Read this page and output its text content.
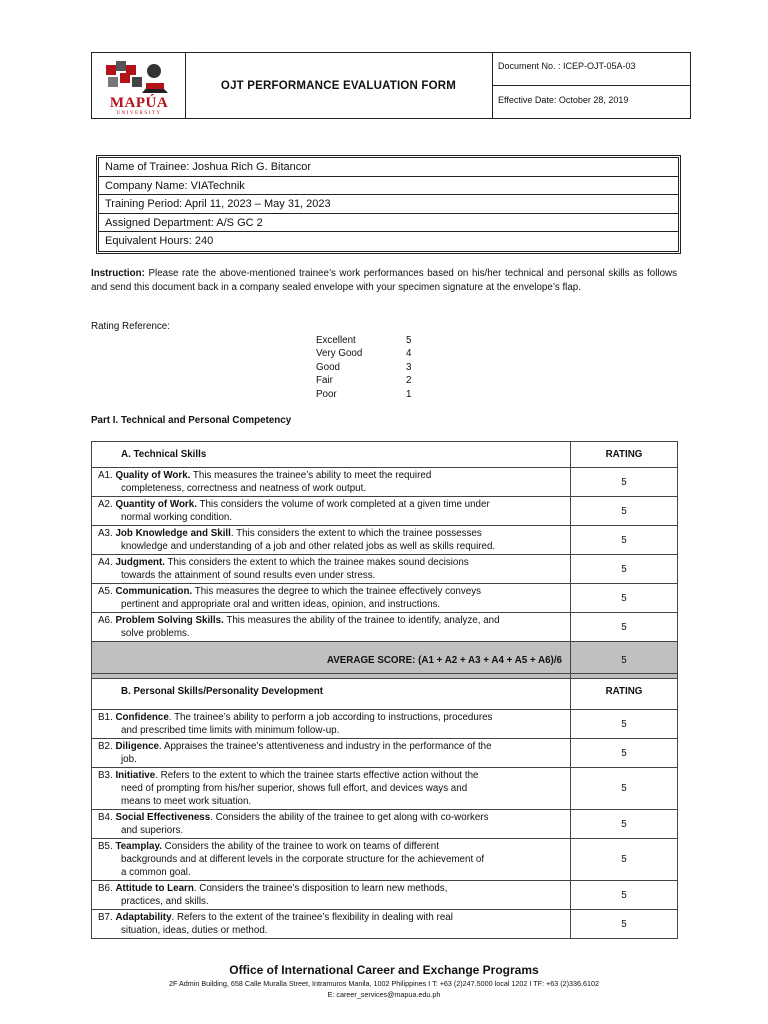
MAPÚA
UNIVERSITY
OJT PERFORMANCE EVALUATION FORM
Document No. : ICEP-OJT-05A-03
Effective Date: October 28, 2019
Name of Trainee: Joshua Rich G. Bitancor
Company Name: VIATechnik
Training Period: April 11, 2023 – May 31, 2023
Assigned Department: A/S GC 2
Equivalent Hours: 240
Instruction: Please rate the above-mentioned trainee’s work performances based on his/her technical and personal skills as follows and send this document back in a company sealed envelope with your specimen signature at the envelope’s flap.
Rating Reference:
Excellent	5
Very Good	4
Good	3
Fair	2
Poor	1
Part I. Technical and Personal Competency
A. Technical Skills	RATING
A1. Quality of Work. This measures the trainee’s ability to meet the required
completeness, correctness and neatness of work output.	5
A2. Quantity of Work. This considers the volume of work completed at a given time under
normal working condition.	5
A3. Job Knowledge and Skill. This considers the extent to which the trainee possesses
knowledge and understanding of a job and other related jobs as well as skills required.	5
A4. Judgment. This considers the extent to which the trainee makes sound decisions
towards the attainment of sound results even under stress.	5
A5. Communication. This measures the degree to which the trainee effectively conveys
pertinent and appropriate oral and written ideas, opinion, and instructions.	5
A6. Problem Solving Skills. This measures the ability of the trainee to identify, analyze, and
solve problems.	5
AVERAGE SCORE: (A1 + A2 + A3 + A4 + A5 + A6)/6	5
B. Personal Skills/Personality Development	RATING
B1. Confidence. The trainee’s ability to perform a job according to instructions, procedures
and prescribed time limits with minimum follow-up.	5
B2. Diligence. Appraises the trainee’s attentiveness and industry in the performance of the
job.	5
B3. Initiative. Refers to the extent to which the trainee starts effective action without the
need of prompting from his/her superior, shows full effort, and devices ways and
means to meet work situation.	5
B4. Social Effectiveness. Considers the ability of the trainee to get along with co-workers
and superiors.	5
B5. Teamplay. Considers the ability of the trainee to work on teams of different
backgrounds and at different levels in the corporate structure for the achievement of
a common goal.	5
B6. Attitude to Learn. Considers the trainee’s disposition to learn new methods,
practices, and skills.	5
B7. Adaptability. Refers to the extent of the trainee’s flexibility in dealing with real
situation, ideas, duties or method.	5
Office of International Career and Exchange Programs
2F Admin Building, 658 Calle Muralla Street, Intramuros Manila, 1002 Philippines I T: +63 (2)247.5000 local 1202 I TF: +63 (2)336.6102
E: career_services@mapua.edu.ph
